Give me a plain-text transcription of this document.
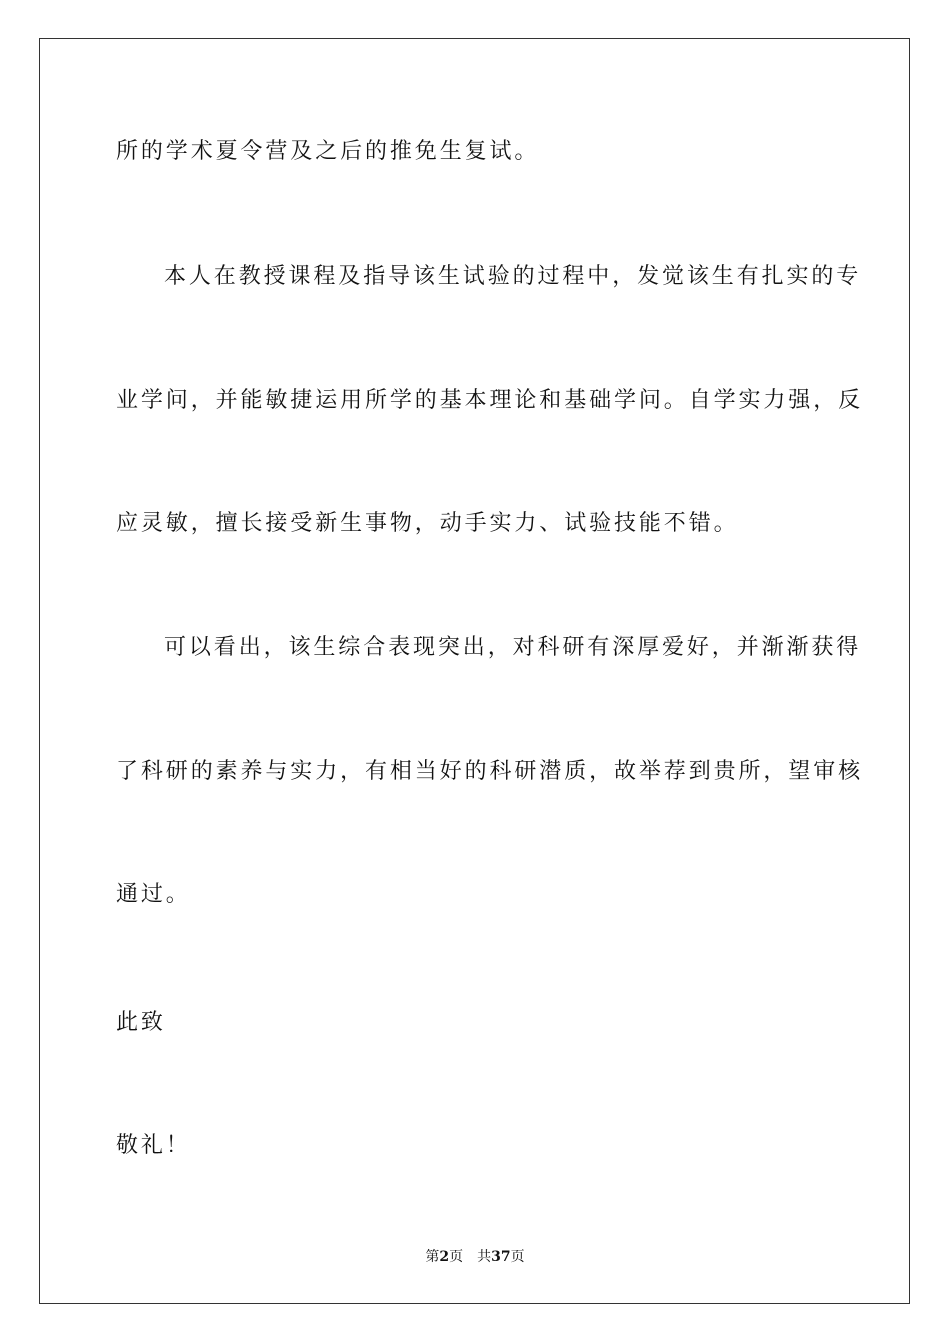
所的学术夏令营及之后的推免生复试。
本人在教授课程及指导该生试验的过程中，发觉该生有扎实的专
业学问，并能敏捷运用所学的基本理论和基础学问。自学实力强，反
应灵敏，擅长接受新生事物，动手实力、试验技能不错。
可以看出，该生综合表现突出，对科研有深厚爱好，并渐渐获得
了科研的素养与实力，有相当好的科研潜质，故举荐到贵所，望审核
通过。
此致
敬礼！
第2页 共37页
